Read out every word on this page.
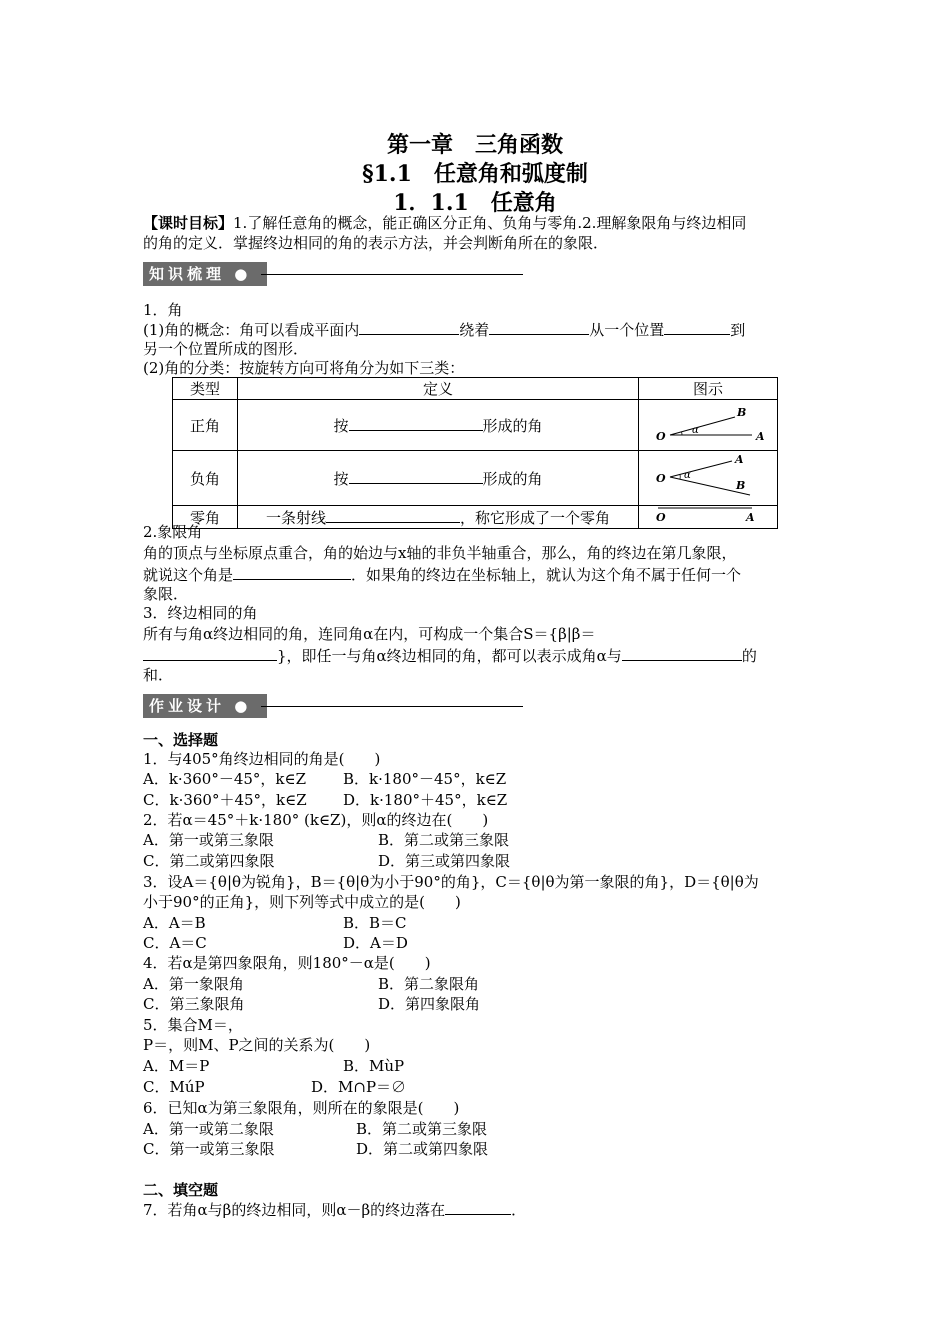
第一章　三角函数
§1.1　任意角和弧度制
1．1.1　任意角
【课时目标】1.了解任意角的概念，能正确区分正角、负角与零角.2.理解象限角与终边相同
的角的定义．掌握终边相同的角的表示方法，并会判断角所在的象限．
知识梳理 ●
1．角
(1)角的概念：角可以看成平面内	绕着	从一个位置	到
另一个位置所成的图形．
(2)角的分类：按旋转方向可将角分为如下三类：
类型	定义	图示
正角	按 形成的角	O A
B
α

负角	按 形成的角	O
A
B
α

零角	一条射线 ，称它形成了一个零角	O A
2.象限角
角的顶点与坐标原点重合，角的始边与x轴的非负半轴重合，那么，角的终边在第几象限，
就说这个角是	．如果角的终边在坐标轴上，就认为这个角不属于任何一个
象限．
3．终边相同的角
所有与角α终边相同的角，连同角α在内，可构成一个集合S＝{β|β＝
}，即任一与角α终边相同的角，都可以表示成角α与	的
和．
作业设计 ●
一、选择题
1．与405°角终边相同的角是(　　)
A．k·360°－45°，k∈Z B．k·180°－45°，k∈Z
C．k·360°＋45°，k∈Z D．k·180°＋45°，k∈Z
2．若α＝45°＋k·180° (k∈Z)，则α的终边在(　　)
A．第一或第三象限	B．第二或第三象限
C．第二或第四象限	D．第三或第四象限
3．设A＝{θ|θ为锐角}，B＝{θ|θ为小于90°的角}，C＝{θ|θ为第一象限的角}，D＝{θ|θ为
小于90°的正角}，则下列等式中成立的是(　　)
A．A＝B	B．B＝C
C．A＝C	D．A＝D
4．若α是第四象限角，则180°－α是(　　)
A．第一象限角	B．第二象限角
C．第三象限角	D．第四象限角
5．集合M＝，
P＝，则M、P之间的关系为(　　)
A．M＝P	B．MùP
C．MúP	D．M∩P＝∅
6．已知α为第三象限角，则所在的象限是(　　)
A．第一或第二象限	B．第二或第三象限
C．第一或第三象限	D．第二或第四象限
二、填空题
7．若角α与β的终边相同，则α－β的终边落在	．
